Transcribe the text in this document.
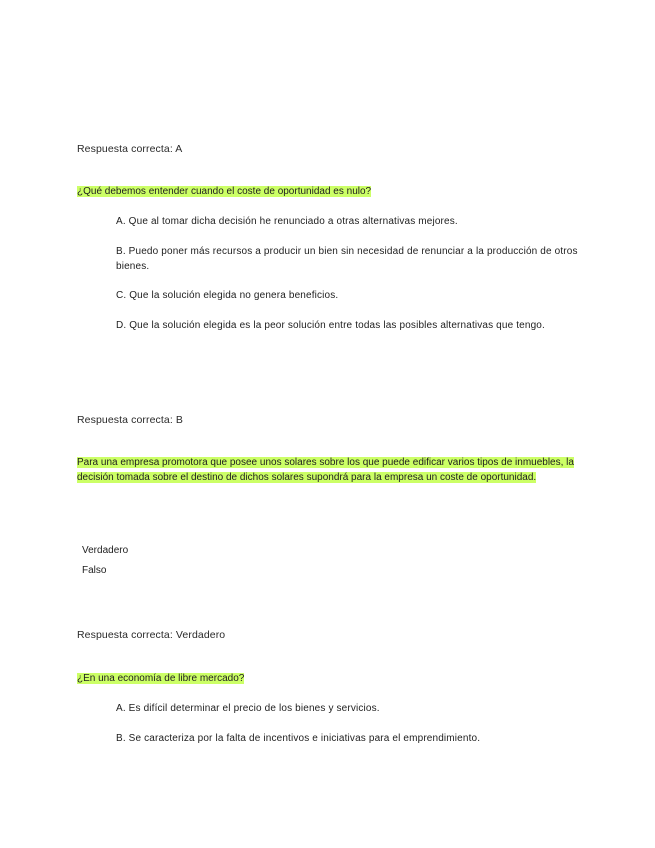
Respuesta correcta: A
¿Qué debemos entender cuando el coste de oportunidad es nulo?
A. Que al tomar dicha decisión he renunciado a otras alternativas mejores.
B. Puedo poner más recursos a producir un bien sin necesidad de renunciar a la producción de otros bienes.
C. Que la solución elegida no genera beneficios.
D. Que la solución elegida es la peor solución entre todas las posibles alternativas que tengo.
Respuesta correcta: B
Para una empresa promotora que posee unos solares sobre los que puede edificar varios tipos de inmuebles, la decisión tomada sobre el destino de dichos solares supondrá para la empresa un coste de oportunidad.
Verdadero
Falso
Respuesta correcta: Verdadero
¿En una economía de libre mercado?
A. Es difícil determinar el precio de los bienes y servicios.
B. Se caracteriza por la falta de incentivos e iniciativas para el emprendimiento.
